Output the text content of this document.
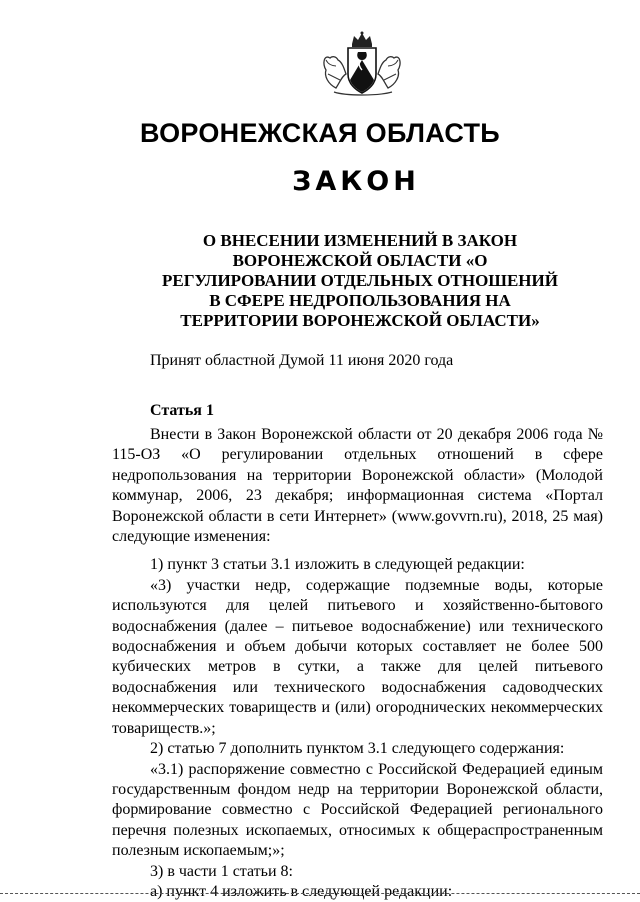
ВОРОНЕЖСКАЯ ОБЛАСТЬ
ЗАКОН
О ВНЕСЕНИИ ИЗМЕНЕНИЙ В ЗАКОН
ВОРОНЕЖСКОЙ ОБЛАСТИ «О
РЕГУЛИРОВАНИИ ОТДЕЛЬНЫХ ОТНОШЕНИЙ
В СФЕРЕ НЕДРОПОЛЬЗОВАНИЯ НА
ТЕРРИТОРИИ ВОРОНЕЖСКОЙ ОБЛАСТИ»
Принят областной Думой 11 июня 2020 года
Статья 1

Внести в Закон Воронежской области от 20 декабря 2006 года № 115-ОЗ «О регулировании отдельных отношений в сфере недропользования на территории Воронежской области» (Молодой коммунар, 2006, 23 декабря; информационная система «Портал Воронежской области в сети Интернет» (www.govvrn.ru), 2018, 25 мая) следующие изменения:

1) пункт 3 статьи 3.1 изложить в следующей редакции:

«3) участки недр, содержащие подземные воды, которые используются для целей питьевого и хозяйственно-бытового водоснабжения (далее – питьевое водоснабжение) или технического водоснабжения и объем добычи которых составляет не более 500 кубических метров в сутки, а также для целей питьевого водоснабжения или технического водоснабжения садоводческих некоммерческих товариществ и (или) огороднических некоммерческих товариществ.»;

2) статью 7 дополнить пунктом 3.1 следующего содержания:

«3.1) распоряжение совместно с Российской Федерацией единым государственным фондом недр на территории Воронежской области, формирование совместно с Российской Федерацией регионального перечня полезных ископаемых, относимых к общераспространенным полезным ископаемым;»;

3) в части 1 статьи 8:

а) пункт 4 изложить в следующей редакции:
